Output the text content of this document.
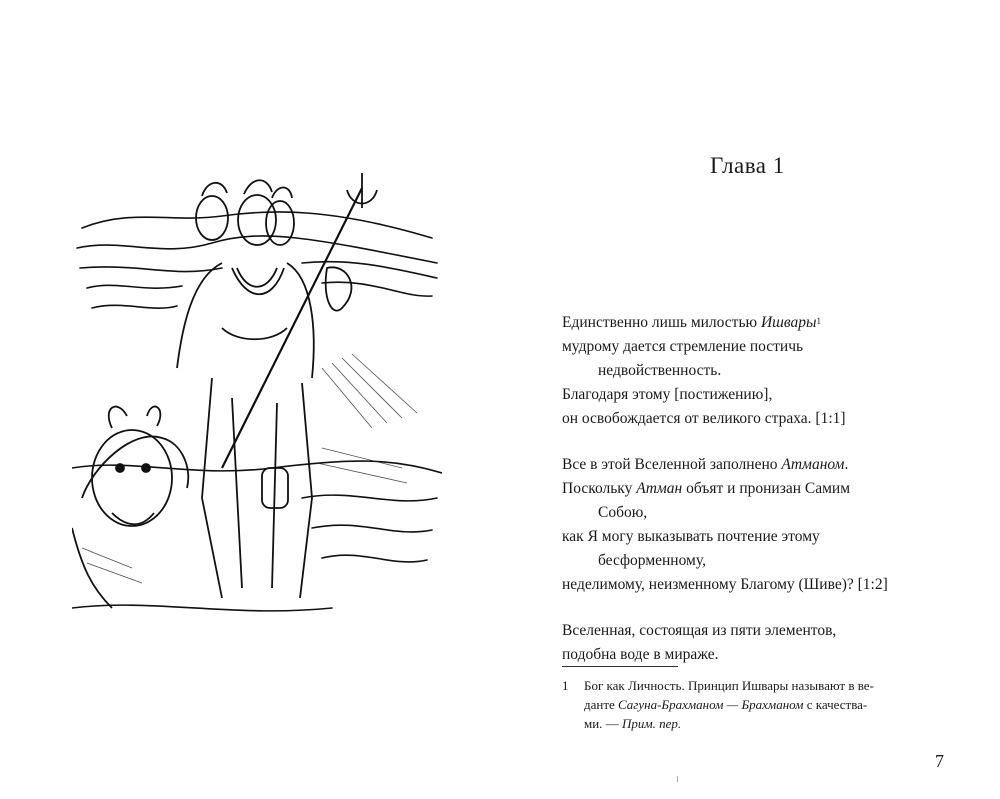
Глава 1
Единственно лишь милостью Ишвары$^1$
мудрому дается стремление постичь
недвойственность.
Благодаря этому [постижению],
он освобождается от великого страха. [1:1]
Все в этой Вселенной заполнено Атманом.
Поскольку Атман объят и пронизан Самим
Собою,
как Я могу выказывать почтение этому
бесформенному,
неделимому, неизменному Благому (Шиве)? [1:2]
Вселенная, состоящая из пяти элементов,
подобна воде в мираже.
1 Бог как Личность. Принцип Ишвары называют в ве-
данте Сагуна-Брахманом — Брахманом с качества-
ми. — Прим. пер.
7
